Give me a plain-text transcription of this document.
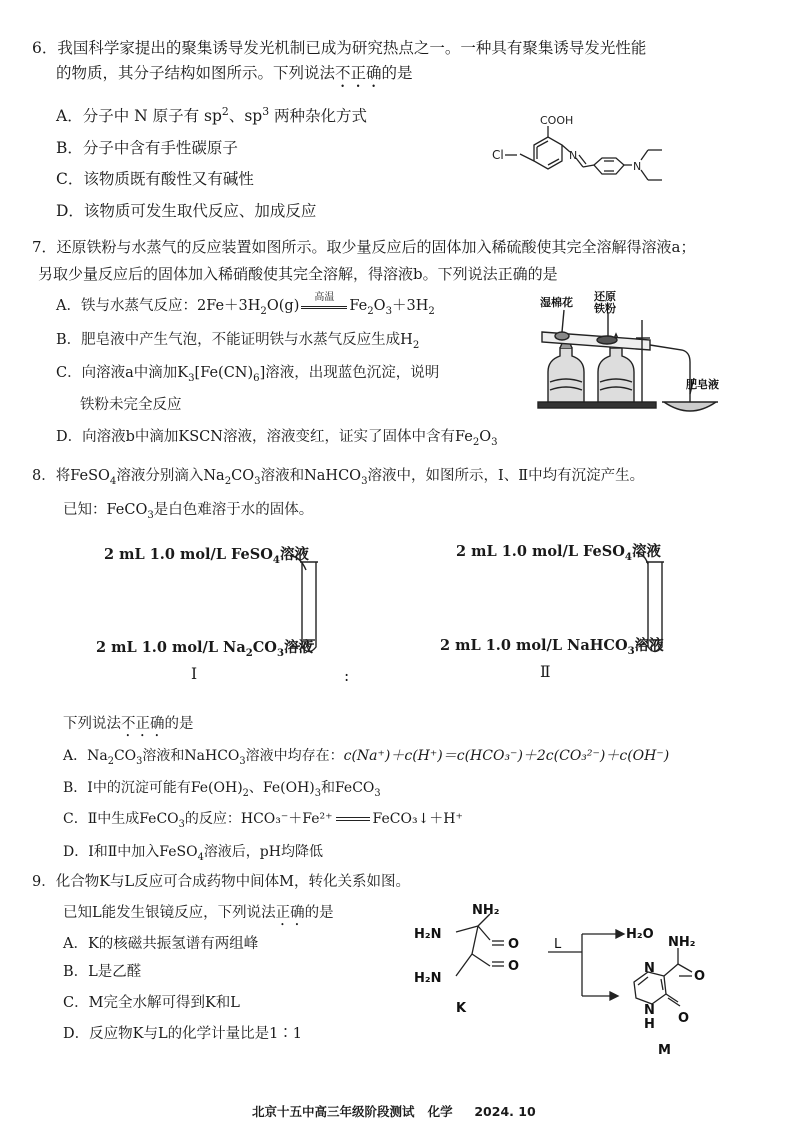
6．我国科学家提出的聚集诱导发光机制已成为研究热点之一。一种具有聚集诱导发光性能
的物质，其分子结构如图所示。下列说法不正确的是
A．分子中 N 原子有 $sp^2$、$sp^3$ 两种杂化方式
B．分子中含有手性碳原子
C．该物质既有酸性又有碱性
D．该物质可发生取代反应、加成反应
COOH
Cl	N
N
7．还原铁粉与水蒸气的反应装置如图所示。取少量反应后的固体加入稀硫酸使其完全溶解得溶液a；
另取少量反应后的固体加入稀硝酸使其完全溶解，得溶液b。下列说法正确的是
A．铁与水蒸气反应：$2Fe+3H_2O(g)$
高温
$Fe_2O_3+3H_2$
B．肥皂液中产生气泡，不能证明铁与水蒸气反应生成$H_2$
C．向溶液a中滴加$K_3[Fe(CN)_6]$溶液，出现蓝色沉淀，说明
铁粉未完全反应
D．向溶液b中滴加KSCN溶液，溶液变红，证实了固体中含有$Fe_2O_3$
湿棉花 还原
铁粉
肥皂液
8．将FeSO$_4$溶液分别滴入$Na_2CO_3$溶液和NaHCO$_3$溶液中，如图所示，Ⅰ、Ⅱ中均有沉淀产生。
已知：FeCO$_3$是白色难溶于水的固体。
2 mL 1.0 mol/L FeSO$_4$溶液
2 mL 1.0 mol/L $Na_2CO_3$溶液
Ⅰ	:
2 mL 1.0 mol/L FeSO$_4$溶液
2 mL 1.0 mol/L NaHCO$_3$溶液
Ⅱ
下列说法不正确的是
A．$Na_2CO_3$溶液和NaHCO$_3$溶液中均存在：c(Na⁺)＋c(H⁺)＝c(HCO₃⁻)＋2c(CO₃²⁻)＋c(OH⁻)
B．Ⅰ中的沉淀可能有$Fe(OH)_2$、$Fe(OH)_3$和FeCO$_3$
C．Ⅱ中生成FeCO$_3$的反应：HCO₃⁻＋Fe²⁺	FeCO₃↓＋H⁺
D．Ⅰ和Ⅱ中加入FeSO$_4$溶液后，pH均降低
9．化合物K与L反应可合成药物中间体M，转化关系如图。
已知L能发生银镜反应，下列说法正确的是
A．K的核磁共振氢谱有两组峰
B．L是乙醛
C．M完全水解可得到K和L
D．反应物K与L的化学计量比是1∶1
NH₂
H₂N
O
O
H₂N
K
L
H₂O
NH₂
O
O
N
N
H
M
北京十五中高三年级阶段测试 化学 2024. 10
